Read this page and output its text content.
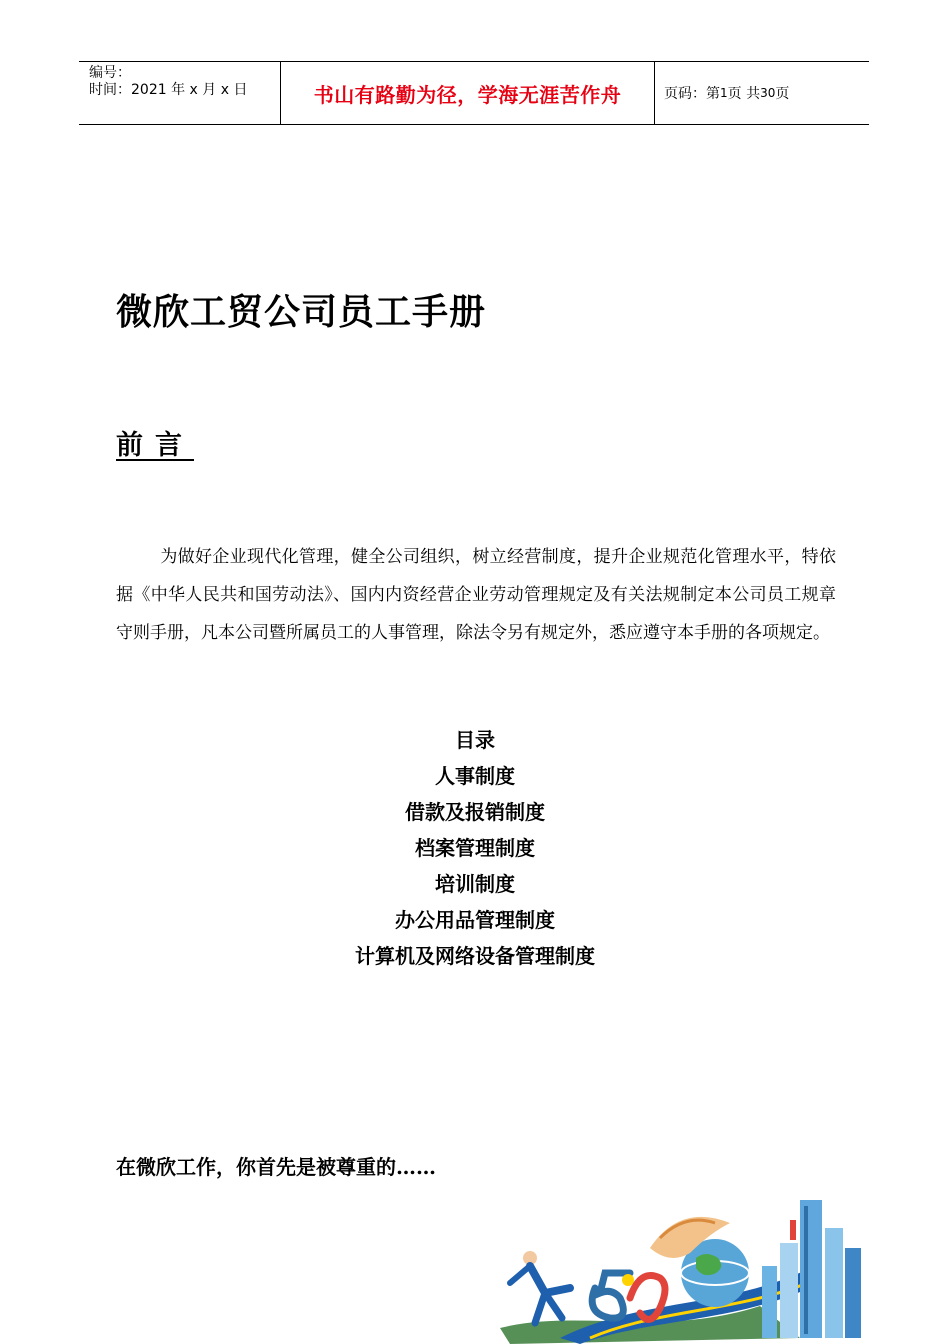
编号：
时间：2021 年 x 月 x 日	书山有路勤为径，学海无涯苦作舟	页码：第 1 页 共 30 页
微欣工贸公司员工手册
前言
为做好企业现代化管理，健全公司组织，树立经营制度，提升企业规范化管理水平，特依据《中华人民共和国劳动法》、国内内资经营企业劳动管理规定及有关法规制定本公司员工规章守则手册，凡本公司暨所属员工的人事管理，除法令另有规定外，悉应遵守本手册的各项规定。
目录
人事制度
借款及报销制度
档案管理制度
培训制度
办公用品管理制度
计算机及网络设备管理制度
在微欣工作，你首先是被尊重的……
